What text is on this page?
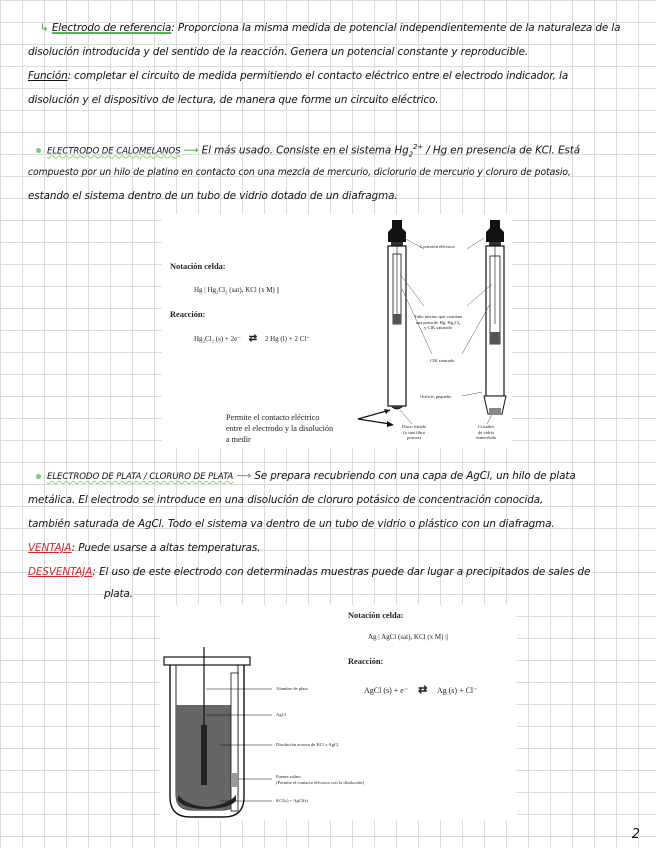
↳ Electrodo de referencia: Proporciona la misma medida de potencial independientemente de la naturaleza de la
disolución introducida y del sentido de la reacción. Genera un potencial constante y reproducible.
Función: completar el circuito de medida permitiendo el contacto eléctrico entre el electrodo indicador, la
disolución y el dispositivo de lectura, de manera que forme un circuito eléctrico.
ELECTRODO DE CALOMELANOS ⟶ El más usado. Consiste en el sistema $Hg_2^{2+}$ / Hg en presencia de KCl. Está
compuesto por un hilo de platino en contacto con una mezcla de mercurio, diclorurio de mercurio y cloruro de potasio,
estando el sistema dentro de un tubo de vidrio dotado de un diafragma.
Notación celda:
Hg | Hg₂Cl₂ (sat), KCl (x M) ||
Reacción:
Hg₂Cl₂ (s) + 2e⁻ ⇄ 2 Hg (l) + 2 Cl⁻
Conexión eléctrica
Tubo interno que contiene
una pasta de Hg, Hg₂Cl₂
y ClK saturado
ClK saturado
Orificio pequeño
Disco fritado
(o una fibra
porosa)
Cristales
de vidrio
esmerilado
Permite el contacto eléctrico
entre el electrodo y la disolución
a medir
ELECTRODO DE PLATA / CLORURO DE PLATA ⟶ Se prepara recubriendo con una capa de AgCl, un hilo de plata
metálica. El electrodo se introduce en una disolución de cloruro potásico de concentración conocida,
también saturada de AgCl. Todo el sistema va dentro de un tubo de vidrio o plástico con un diafragma.
VENTAJA: Puede usarse a altas temperaturas.
DESVENTAJA: El uso de este electrodo con determinadas muestras puede dar lugar a precipitados de sales de
plata.
Notación celda:
Ag | AgCl (sat), KCl (x M) ||
Reacción:
AgCl (s) + e⁻ ⇄ Ag (s) + Cl⁻
Alambre de plata
AgCl
Disolución acuosa de KCl y AgCl
Puente salino
(Permite el contacto eléctrico con la disolución)
KCl(s) + AgCl(s)
2
